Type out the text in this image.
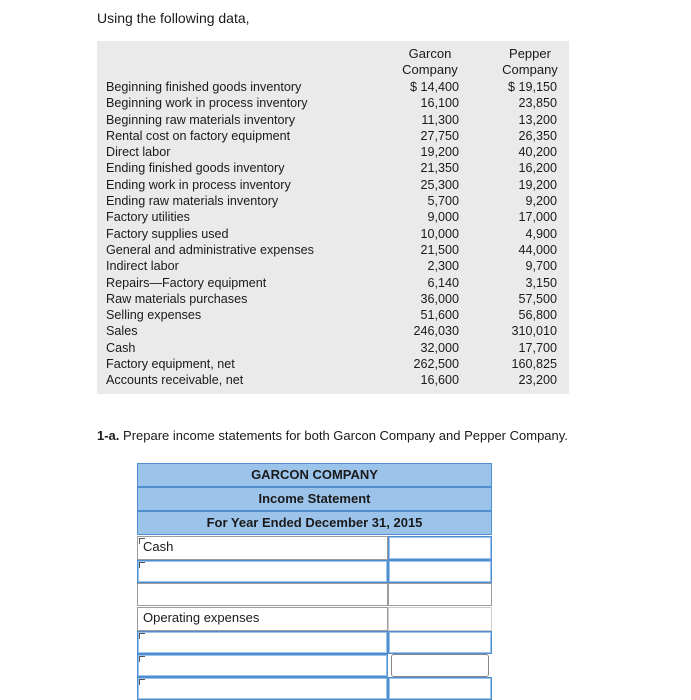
Using the following data,
Garcon
Company
Pepper
Company
Beginning finished goods inventory	$ 14,400	$ 19,150
Beginning work in process inventory	16,100	23,850
Beginning raw materials inventory	11,300	13,200
Rental cost on factory equipment	27,750	26,350
Direct labor	19,200	40,200
Ending finished goods inventory	21,350	16,200
Ending work in process inventory	25,300	19,200
Ending raw materials inventory	5,700	9,200
Factory utilities	9,000	17,000
Factory supplies used	10,000	4,900
General and administrative expenses	21,500	44,000
Indirect labor	2,300	9,700
Repairs—Factory equipment	6,140	3,150
Raw materials purchases	36,000	57,500
Selling expenses	51,600	56,800
Sales	246,030	310,010
Cash	32,000	17,700
Factory equipment, net	262,500	160,825
Accounts receivable, net	16,600	23,200
1-a. Prepare income statements for both Garcon Company and Pepper Company.
GARCON COMPANY
Income Statement
For Year Ended December 31, 2015
Cash
Operating expenses
